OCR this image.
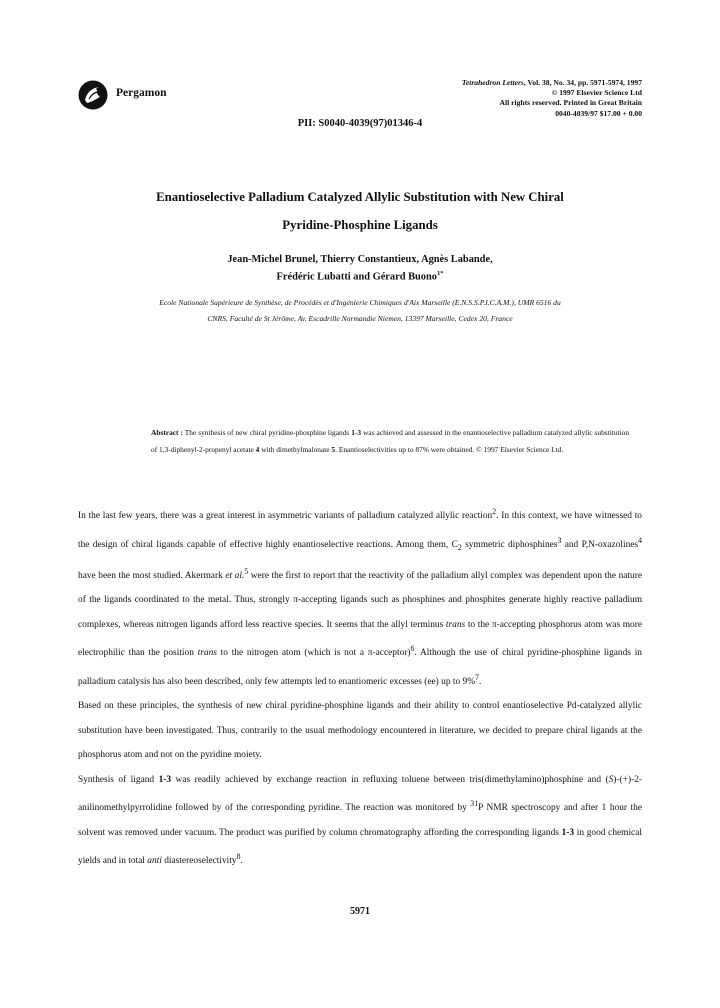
Pergamon
Tetrahedron Letters, Vol. 38, No. 34, pp. 5971-5974, 1997
© 1997 Elsevier Science Ltd
All rights reserved. Printed in Great Britain
0040-4039/97 $17.00 + 0.00
PII: S0040-4039(97)01346-4
Enantioselective Palladium Catalyzed Allylic Substitution with New Chiral
Pyridine-Phosphine Ligands
Jean-Michel Brunel, Thierry Constantieux, Agnès Labande,
Frédéric Lubatti and Gérard Buono$^{1*}$
Ecole Nationale Supérieure de Synthèse, de Procédès et d'Ingénierie Chimiques d'Aix Marseille (E.N.S.S.P.I.C.A.M.), UMR 6516 du
CNRS, Faculté de St Jérôme, Av. Escadrille Normandie Niemen, 13397 Marseille, Cedex 20, France
Abstract : The synthesis of new chiral pyridine-phosphine ligands 1-3 was achieved and assessed in the enantioselective palladium catalyzed allylic substitution of 1,3-diphenyl-2-propenyl acetate 4 with dimethylmalonate 5. Enantioselectivities up to 87% were obtained. © 1997 Elsevier Science Ltd.

In the last few years, there was a great interest in asymmetric variants of palladium catalyzed allylic reaction$^2$. In this context, we have witnessed to the design of chiral ligands capable of effective highly enantioselective reactions. Among them, $C_2$ symmetric diphosphines$^3$ and P,N-oxazolines$^4$ have been the most studied. Akermark et al.$^5$ were the first to report that the reactivity of the palladium allyl complex was dependent upon the nature of the ligands coordinated to the metal. Thus, strongly π-accepting ligands such as phosphines and phosphites generate highly reactive palladium complexes, whereas nitrogen ligands afford less reactive species. It seems that the allyl terminus trans to the π-accepting phosphorus atom was more electrophilic than the position trans to the nitrogen atom (which is not a π-acceptor)$^6$. Although the use of chiral pyridine-phosphine ligands in palladium catalysis has also been described, only few attempts led to enantiomeric excesses (ee) up to 9%$^7$.

Based on these principles, the synthesis of new chiral pyridine-phosphine ligands and their ability to control enantioselective Pd-catalyzed allylic substitution have been investigated. Thus, contrarily to the usual methodology encountered in literature, we decided to prepare chiral ligands at the phosphorus atom and not on the pyridine moiety.

Synthesis of ligand 1-3 was readily achieved by exchange reaction in refluxing toluene between tris(dimethylamino)phosphine and (S)-(+)-2-anilinomethylpyrrolidine followed by of the corresponding pyridine. The reaction was monitored by $^{31}$P NMR spectroscopy and after 1 hour the solvent was removed under vacuum. The product was purified by column chromatography affording the corresponding ligands 1-3 in good chemical yields and in total anti diastereoselectivity$^8$.

5971
